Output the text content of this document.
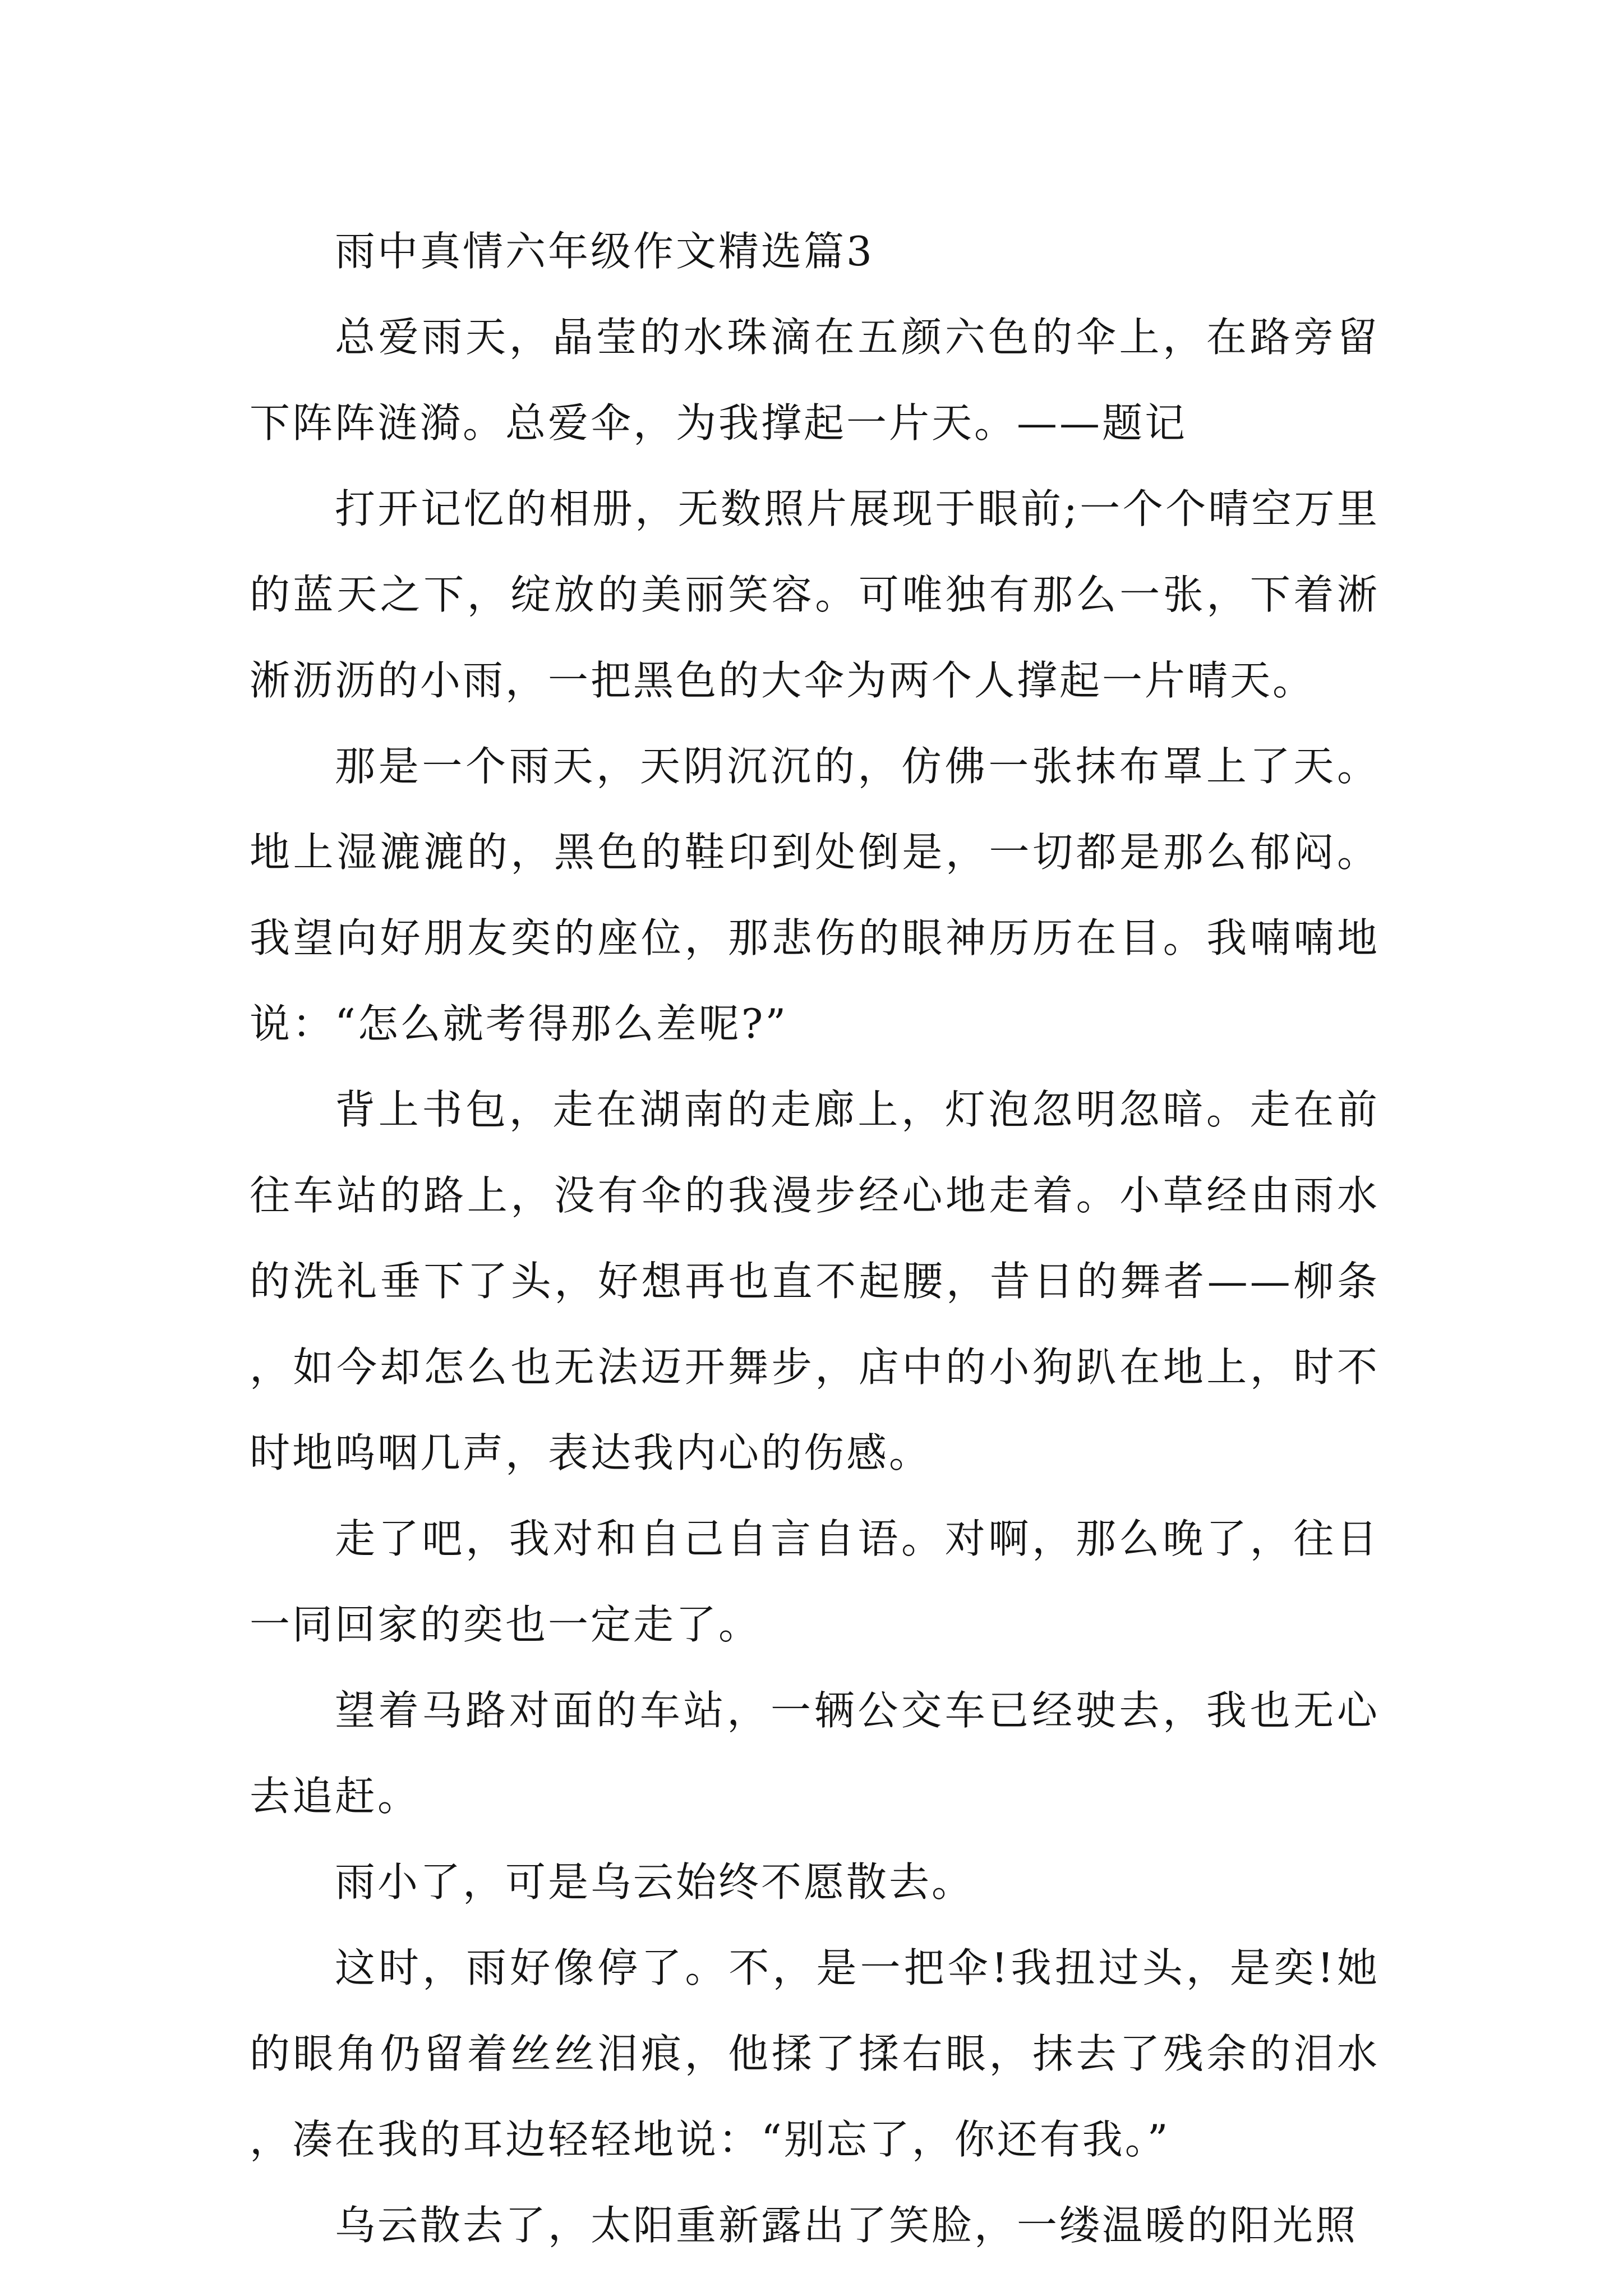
雨中真情六年级作文精选篇3

总爱雨天，晶莹的水珠滴在五颜六色的伞上，在路旁留下阵阵涟漪。总爱伞，为我撑起一片天。——题记

打开记忆的相册，无数照片展现于眼前;一个个晴空万里的蓝天之下，绽放的美丽笑容。可唯独有那么一张，下着淅淅沥沥的小雨，一把黑色的大伞为两个人撑起一片晴天。

那是一个雨天，天阴沉沉的，仿佛一张抹布罩上了天。地上湿漉漉的，黑色的鞋印到处倒是，一切都是那么郁闷。我望向好朋友奕的座位，那悲伤的眼神历历在目。我喃喃地说：“怎么就考得那么差呢?”

背上书包，走在湖南的走廊上，灯泡忽明忽暗。走在前往车站的路上，没有伞的我漫步经心地走着。小草经由雨水的洗礼垂下了头，好想再也直不起腰，昔日的舞者——柳条，如今却怎么也无法迈开舞步，店中的小狗趴在地上，时不时地呜咽几声，表达我内心的伤感。

走了吧，我对和自己自言自语。对啊，那么晚了，往日一同回家的奕也一定走了。

望着马路对面的车站，一辆公交车已经驶去，我也无心去追赶。

雨小了，可是乌云始终不愿散去。

这时，雨好像停了。不，是一把伞!我扭过头，是奕!她的眼角仍留着丝丝泪痕，他揉了揉右眼，抹去了残余的泪水，凑在我的耳边轻轻地说：“别忘了，你还有我。”

乌云散去了，太阳重新露出了笑脸，一缕温暖的阳光照
